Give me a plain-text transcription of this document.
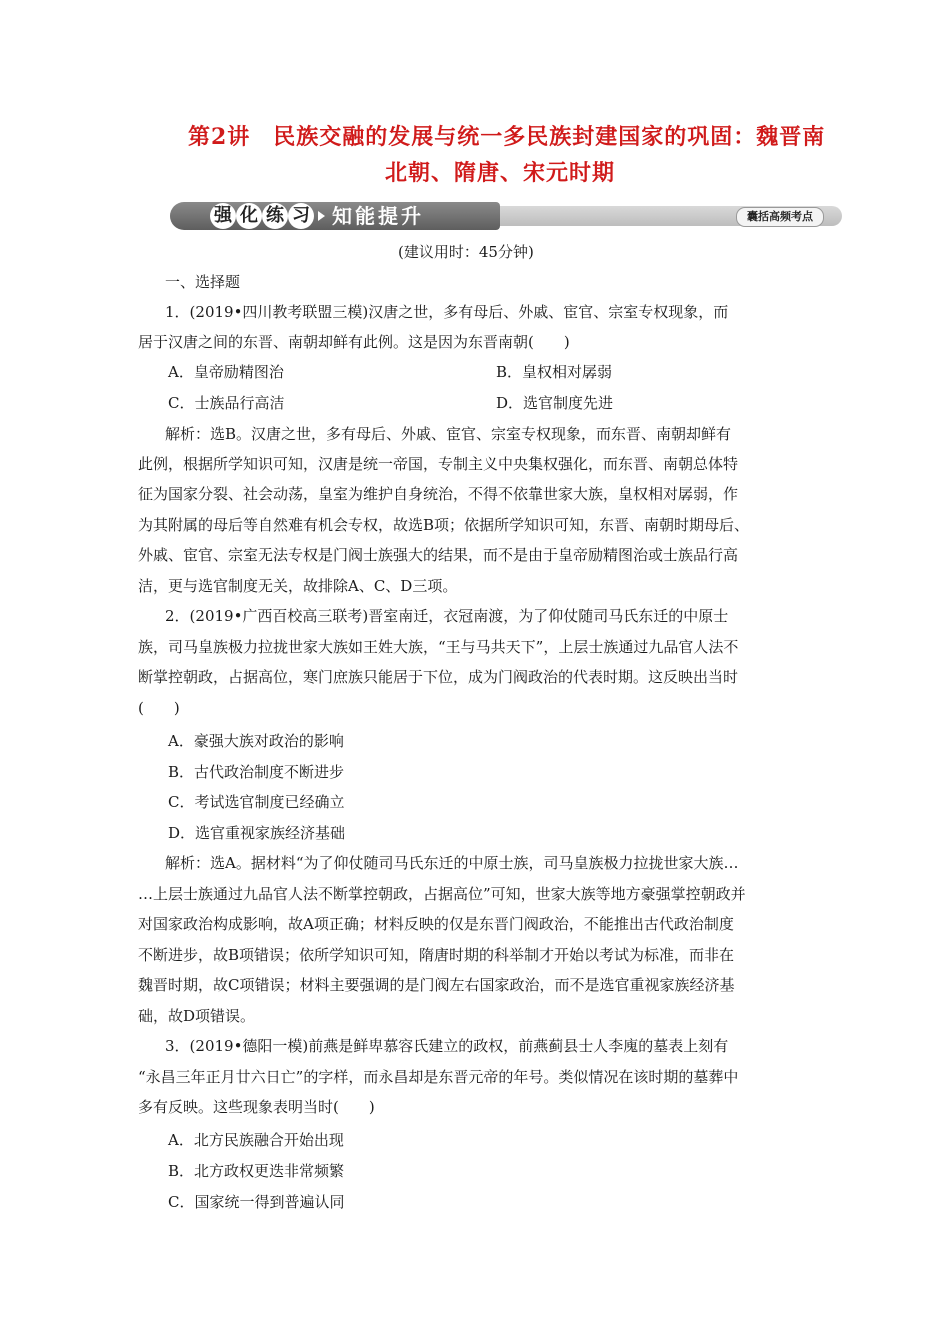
第2讲　民族交融的发展与统一多民族封建国家的巩固：魏晋南
北朝、隋唐、宋元时期
强 化 练 习 知能提升	囊括高频考点
(建议用时：45分钟)
一、选择题
1．(2019•四川教考联盟三模)汉唐之世，多有母后、外戚、宦官、宗室专权现象，而
居于汉唐之间的东晋、南朝却鲜有此例。这是因为东晋南朝(　　)
A．皇帝励精图治	B．皇权相对孱弱
C．士族品行高洁	D．选官制度先进
解析：选B。汉唐之世，多有母后、外戚、宦官、宗室专权现象，而东晋、南朝却鲜有
此例，根据所学知识可知，汉唐是统一帝国，专制主义中央集权强化，而东晋、南朝总体特
征为国家分裂、社会动荡，皇室为维护自身统治，不得不依靠世家大族，皇权相对孱弱，作
为其附属的母后等自然难有机会专权，故选B项；依据所学知识可知，东晋、南朝时期母后、
外戚、宦官、宗室无法专权是门阀士族强大的结果，而不是由于皇帝励精图治或士族品行高
洁，更与选官制度无关，故排除A、C、D三项。
2．(2019•广西百校高三联考)晋室南迁，衣冠南渡，为了仰仗随司马氏东迁的中原士
族，司马皇族极力拉拢世家大族如王姓大族，“王与马共天下”，上层士族通过九品官人法不
断掌控朝政，占据高位，寒门庶族只能居于下位，成为门阀政治的代表时期。这反映出当时
(　　)
A．豪强大族对政治的影响
B．古代政治制度不断进步
C．考试选官制度已经确立
D．选官重视家族经济基础
解析：选A。据材料“为了仰仗随司马氏东迁的中原士族，司马皇族极力拉拢世家大族…
…上层士族通过九品官人法不断掌控朝政，占据高位”可知，世家大族等地方豪强掌控朝政并
对国家政治构成影响，故A项正确；材料反映的仅是东晋门阀政治，不能推出古代政治制度
不断进步，故B项错误；依所学知识可知，隋唐时期的科举制才开始以考试为标准，而非在
魏晋时期，故C项错误；材料主要强调的是门阀左右国家政治，而不是选官重视家族经济基
础，故D项错误。
3．(2019•德阳一模)前燕是鲜卑慕容氏建立的政权，前燕蓟县士人李廆的墓表上刻有
“永昌三年正月廿六日亡”的字样，而永昌却是东晋元帝的年号。类似情况在该时期的墓葬中
多有反映。这些现象表明当时(　　)
A．北方民族融合开始出现
B．北方政权更迭非常频繁
C．国家统一得到普遍认同
